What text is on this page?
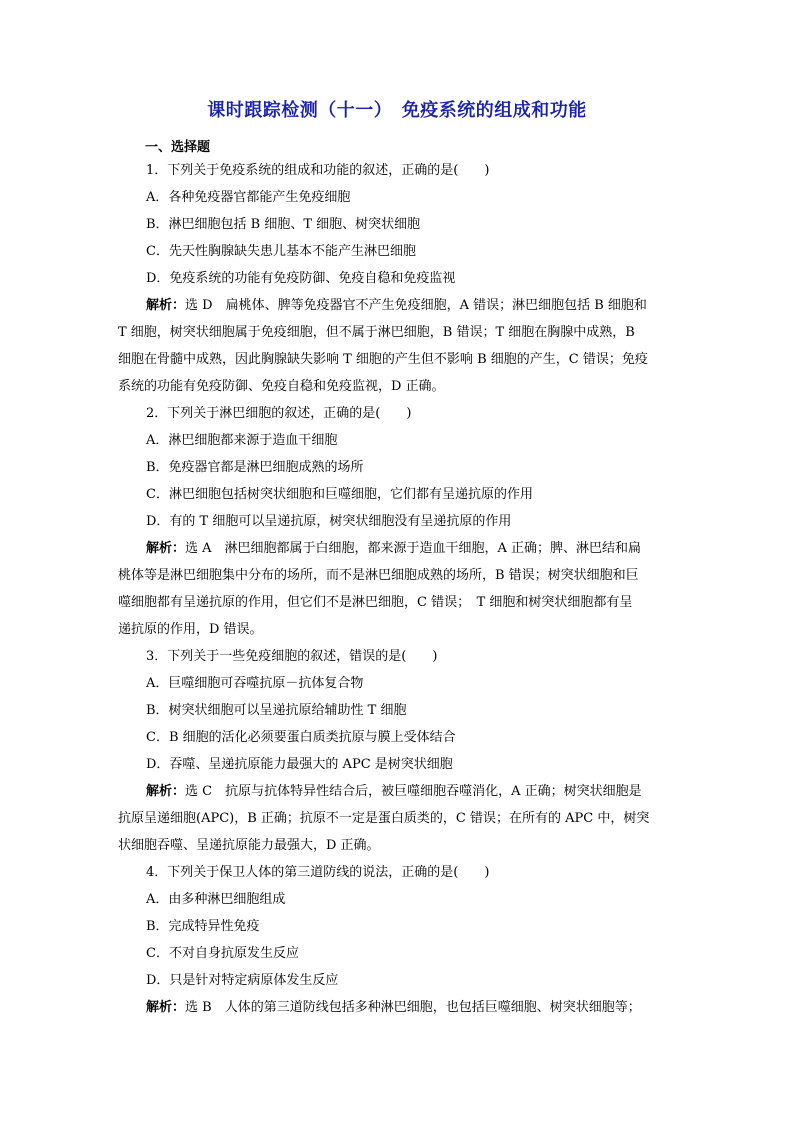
课时跟踪检测（十一）　免疫系统的组成和功能
一、选择题
1．下列关于免疫系统的组成和功能的叙述，正确的是(　　)
A．各种免疫器官都能产生免疫细胞
B．淋巴细胞包括 B 细胞、T 细胞、树突状细胞
C．先天性胸腺缺失患儿基本不能产生淋巴细胞
D．免疫系统的功能有免疫防御、免疫自稳和免疫监视
解析：选 D　扁桃体、脾等免疫器官不产生免疫细胞，A 错误；淋巴细胞包括 B 细胞和
T 细胞，树突状细胞属于免疫细胞，但不属于淋巴细胞，B 错误；T 细胞在胸腺中成熟，B
细胞在骨髓中成熟，因此胸腺缺失影响 T 细胞的产生但不影响 B 细胞的产生，C 错误；免疫
系统的功能有免疫防御、免疫自稳和免疫监视，D 正确。
2．下列关于淋巴细胞的叙述，正确的是(　　)
A．淋巴细胞都来源于造血干细胞
B．免疫器官都是淋巴细胞成熟的场所
C．淋巴细胞包括树突状细胞和巨噬细胞，它们都有呈递抗原的作用
D．有的 T 细胞可以呈递抗原，树突状细胞没有呈递抗原的作用
解析：选 A　淋巴细胞都属于白细胞，都来源于造血干细胞，A 正确；脾、淋巴结和扁
桃体等是淋巴细胞集中分布的场所，而不是淋巴细胞成熟的场所，B 错误；树突状细胞和巨
噬细胞都有呈递抗原的作用，但它们不是淋巴细胞，C 错误；　T 细胞和树突状细胞都有呈
递抗原的作用，D 错误。
3．下列关于一些免疫细胞的叙述，错误的是(　　)
A．巨噬细胞可吞噬抗原－抗体复合物
B．树突状细胞可以呈递抗原给辅助性 T 细胞
C．B 细胞的活化必须要蛋白质类抗原与膜上受体结合
D．吞噬、呈递抗原能力最强大的 APC 是树突状细胞
解析：选 C　抗原与抗体特异性结合后，被巨噬细胞吞噬消化，A 正确；树突状细胞是
抗原呈递细胞(APC)，B 正确；抗原不一定是蛋白质类的，C 错误；在所有的 APC 中，树突
状细胞吞噬、呈递抗原能力最强大，D 正确。
4．下列关于保卫人体的第三道防线的说法，正确的是(　　)
A．由多种淋巴细胞组成
B．完成特异性免疫
C．不对自身抗原发生反应
D．只是针对特定病原体发生反应
解析：选 B　人体的第三道防线包括多种淋巴细胞，也包括巨噬细胞、树突状细胞等；
